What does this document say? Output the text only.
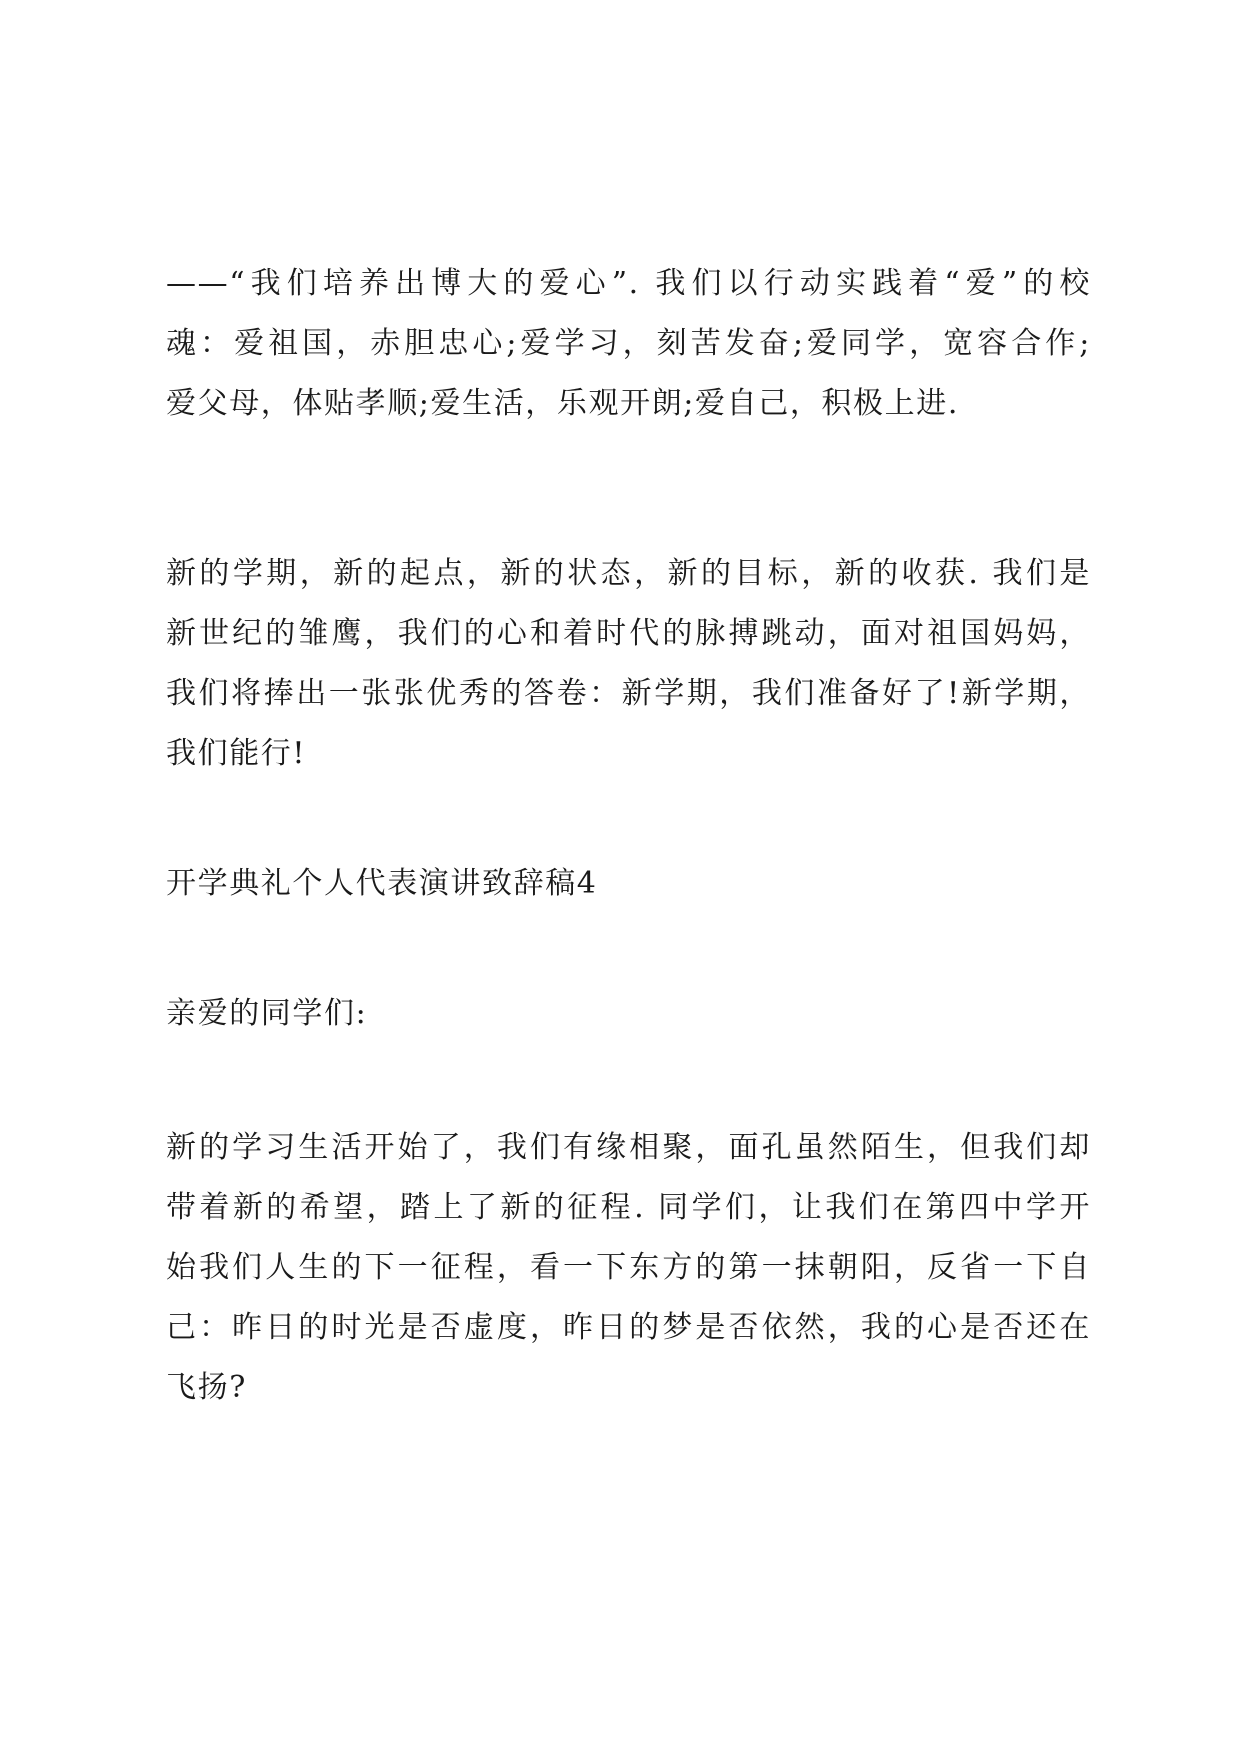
——“我们培养出博大的爱心”. 我们以行动实践着“爱”的校
魂：爱祖国，赤胆忠心;爱学习，刻苦发奋;爱同学，宽容合作;
爱父母，体贴孝顺;爱生活，乐观开朗;爱自己，积极上进.
新的学期，新的起点，新的状态，新的目标，新的收获. 我们是
新世纪的雏鹰，我们的心和着时代的脉搏跳动，面对祖国妈妈，
我们将捧出一张张优秀的答卷：新学期，我们准备好了!新学期，
我们能行!
开学典礼个人代表演讲致辞稿4
亲爱的同学们:
新的学习生活开始了，我们有缘相聚，面孔虽然陌生，但我们却
带着新的希望，踏上了新的征程. 同学们，让我们在第四中学开
始我们人生的下一征程，看一下东方的第一抹朝阳，反省一下自
己：昨日的时光是否虚度，昨日的梦是否依然，我的心是否还在
飞扬?
